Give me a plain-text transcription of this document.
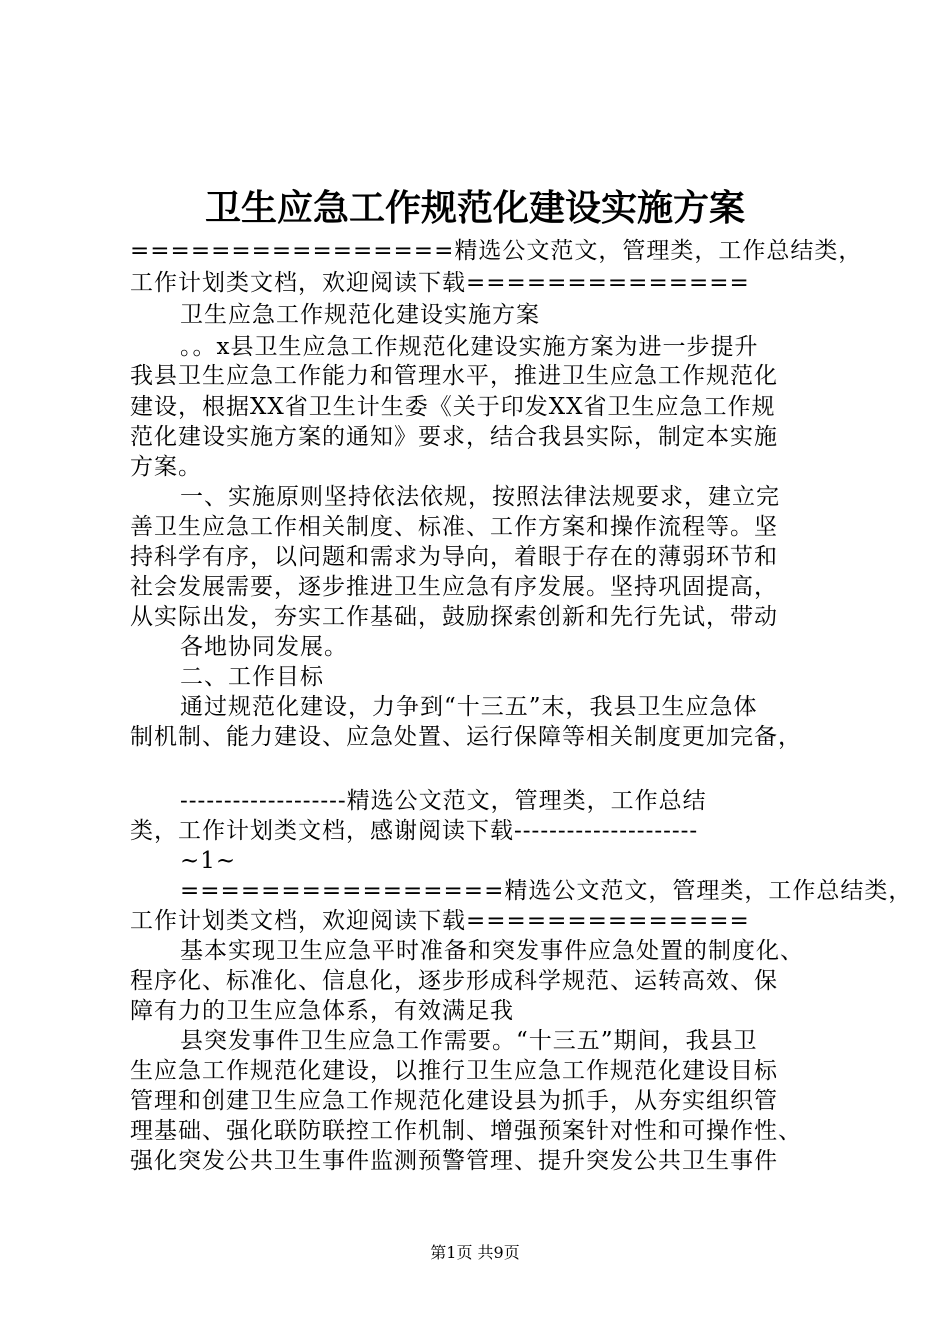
卫生应急工作规范化建设实施方案
================精选公文范文，管理类，工作总结类，
工作计划类文档，欢迎阅读下载==============
卫生应急工作规范化建设实施方案
。。x县卫生应急工作规范化建设实施方案为进一步提升
我县卫生应急工作能力和管理水平，推进卫生应急工作规范化
建设，根据XX省卫生计生委《关于印发XX省卫生应急工作规
范化建设实施方案的通知》要求，结合我县实际，制定本实施
方案。
一、实施原则坚持依法依规，按照法律法规要求，建立完
善卫生应急工作相关制度、标准、工作方案和操作流程等。坚
持科学有序，以问题和需求为导向，着眼于存在的薄弱环节和
社会发展需要，逐步推进卫生应急有序发展。坚持巩固提高，
从实际出发，夯实工作基础，鼓励探索创新和先行先试，带动
各地协同发展。
二、工作目标
通过规范化建设，力争到“十三五”末，我县卫生应急体
制机制、能力建设、应急处置、运行保障等相关制度更加完备，
-------------------精选公文范文，管理类，工作总结
类，工作计划类文档，感谢阅读下载---------------------
~1~
================精选公文范文，管理类，工作总结类，
工作计划类文档，欢迎阅读下载==============
基本实现卫生应急平时准备和突发事件应急处置的制度化、
程序化、标准化、信息化，逐步形成科学规范、运转高效、保
障有力的卫生应急体系，有效满足我
县突发事件卫生应急工作需要。“十三五”期间，我县卫
生应急工作规范化建设，以推行卫生应急工作规范化建设目标
管理和创建卫生应急工作规范化建设县为抓手，从夯实组织管
理基础、强化联防联控工作机制、增强预案针对性和可操作性、
强化突发公共卫生事件监测预警管理、提升突发公共卫生事件
第1页 共9页
